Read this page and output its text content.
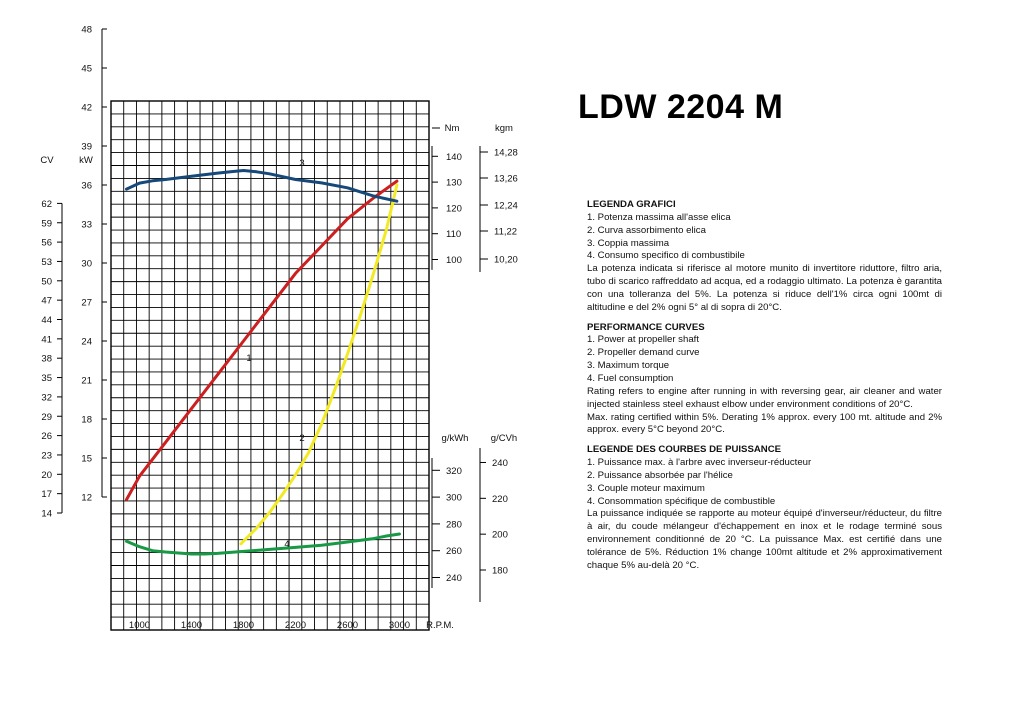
1000	1400	1800	2200	2600	3000 R.P.M.
14
17
20
23
26
29
32
35
38
41
44
47
50
53
56
59
62
CV
12
15
18
21
24
27
30
33
36
39
42
45
48
kW
100
110
120
130
140
Nm
10,20
11,22
12,24
13,26
14,28
kgm
240
260
280
300
320
g/kWh
180
200
220
240
g/CVh
1
2
3
4
LDW 2204 M
LEGENDA GRAFICI
1. Potenza massima all'asse elica
2. Curva assorbimento elica
3. Coppia massima
4. Consumo specifico di combustibile
La potenza indicata si riferisce al motore munito di invertitore riduttore, filtro aria, tubo di scarico raffreddato ad acqua, ed a rodaggio ultimato. La potenza è garantita con una tolleranza del 5%. La potenza si riduce dell'1% circa ogni 100mt di altitudine e del 2% ogni 5° al di sopra di 20°C.
PERFORMANCE CURVES
1. Power at propeller shaft
2. Propeller demand curve
3. Maximum torque
4. Fuel consumption
Rating refers to engine after running in with reversing gear, air cleaner and water injected stainless steel exhaust elbow under environment conditions of 20°C.
Max. rating certified within 5%. Derating 1% approx. every 100 mt. altitude and 2% approx. every 5°C beyond 20°C.
LEGENDE DES COURBES DE PUISSANCE
1. Puissance max. à l'arbre avec inverseur-réducteur
2. Puissance absorbée par l'hélice
3. Couple moteur maximum
4. Consommation spécifique de combustible
La puissance indiquée se rapporte au moteur équipé d'inverseur/réducteur, du filtre à air, du coude mélangeur d'échappement en inox et le rodage terminé sous environnement conditionné de 20 °C. La puissance Max. est certifié dans une tolérance de 5%. Réduction 1% change 100mt altitude et 2% approximativement chaque 5% au-delà 20 °C.
